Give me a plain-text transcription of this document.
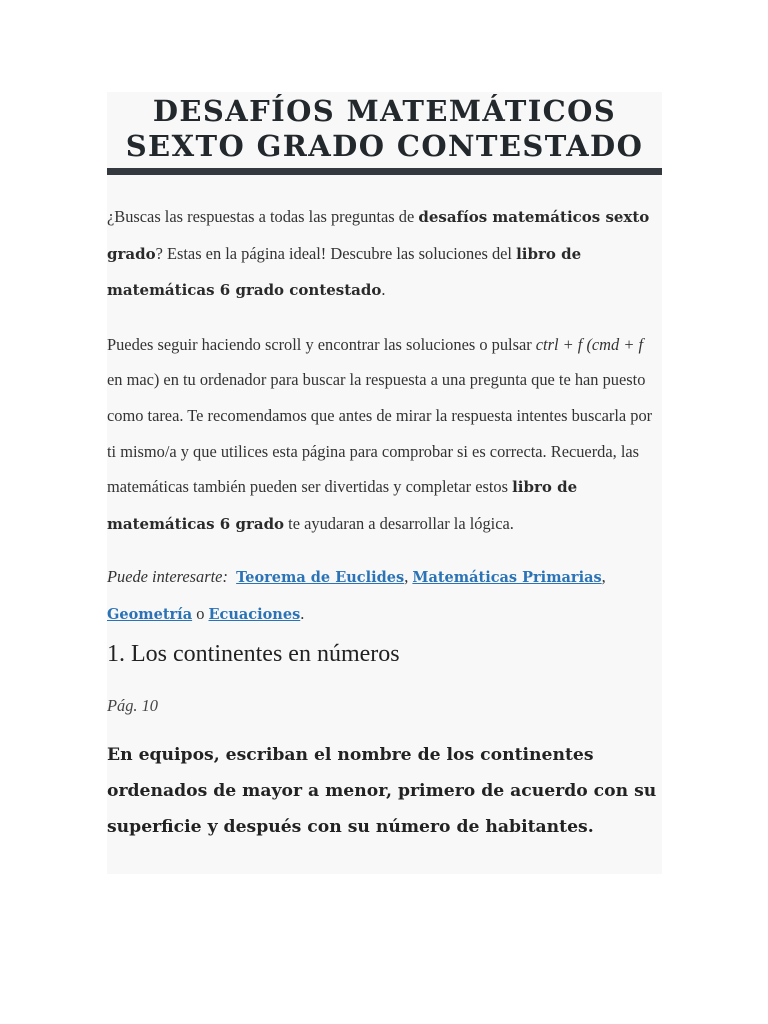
DESAFÍOS MATEMÁTICOS
SEXTO GRADO CONTESTADO

¿Buscas las respuestas a todas las preguntas de desafíos matemáticos sexto grado? Estas en la página ideal! Descubre las soluciones del libro de matemáticas 6 grado contestado.

Puedes seguir haciendo scroll y encontrar las soluciones o pulsar ctrl + f (cmd + f en mac) en tu ordenador para buscar la respuesta a una pregunta que te han puesto como tarea. Te recomendamos que antes de mirar la respuesta intentes buscarla por ti mismo/a y que utilices esta página para comprobar si es correcta. Recuerda, las matemáticas también pueden ser divertidas y completar estos libro de matemáticas 6 grado te ayudaran a desarrollar la lógica.

Puede interesarte: Teorema de Euclides, Matemáticas Primarias, Geometría o Ecuaciones.
1. Los continentes en números
Pág. 10
En equipos, escriban el nombre de los continentes ordenados de mayor a menor, primero de acuerdo con su superficie y después con su número de habitantes.
